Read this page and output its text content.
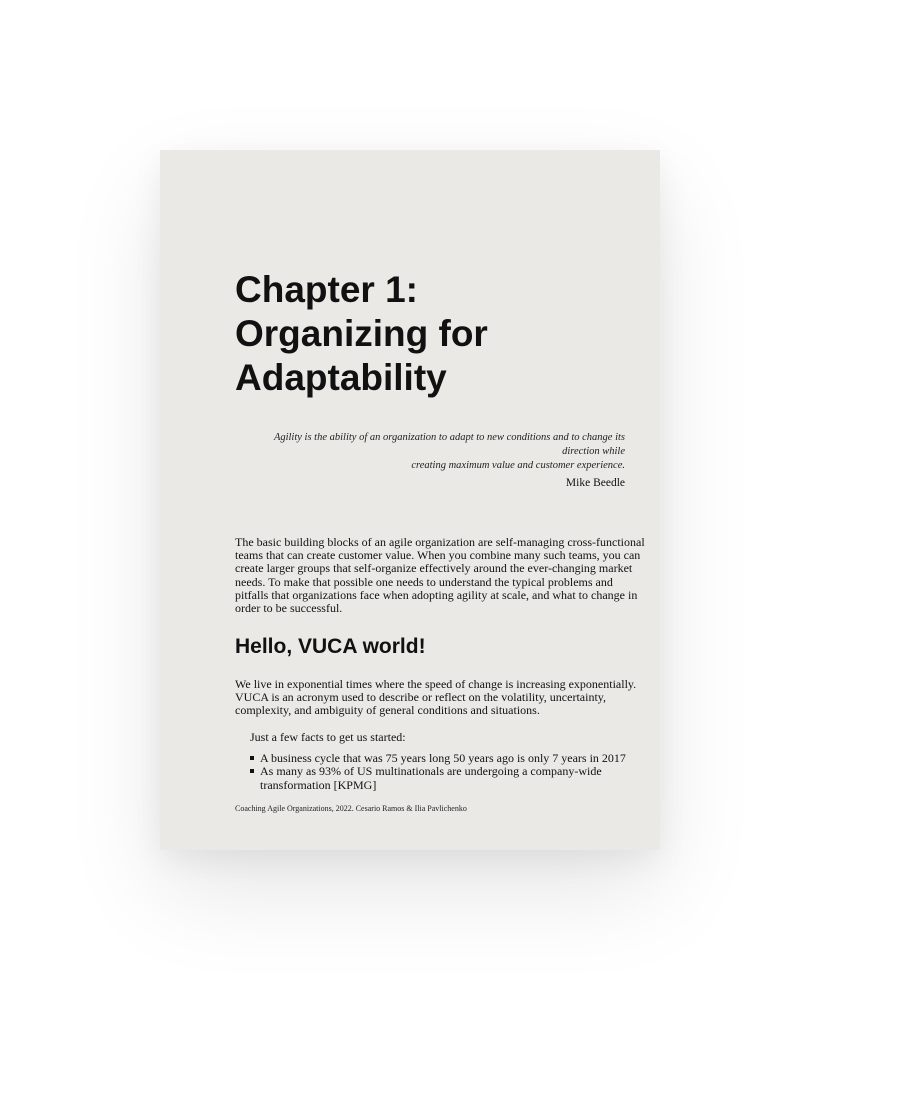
Chapter 1:
Organizing for
Adaptability
Agility is the ability of an organization to adapt to new conditions and to change its direction while
creating maximum value and customer experience.
Mike Beedle
The basic building blocks of an agile organization are self-managing cross-functional
teams that can create customer value. When you combine many such teams, you can
create larger groups that self-organize effectively around the ever-changing market
needs. To make that possible one needs to understand the typical problems and
pitfalls that organizations face when adopting agility at scale, and what to change in
order to be successful.
Hello, VUCA world!
We live in exponential times where the speed of change is increasing exponentially.
VUCA is an acronym used to describe or reflect on the volatility, uncertainty,
complexity, and ambiguity of general conditions and situations.
Just a few facts to get us started:
A business cycle that was 75 years long 50 years ago is only 7 years in 2017
As many as 93% of US multinationals are undergoing a company-wide
transformation [KPMG]
Coaching Agile Organizations, 2022. Cesario Ramos & Ilia Pavlichenko
